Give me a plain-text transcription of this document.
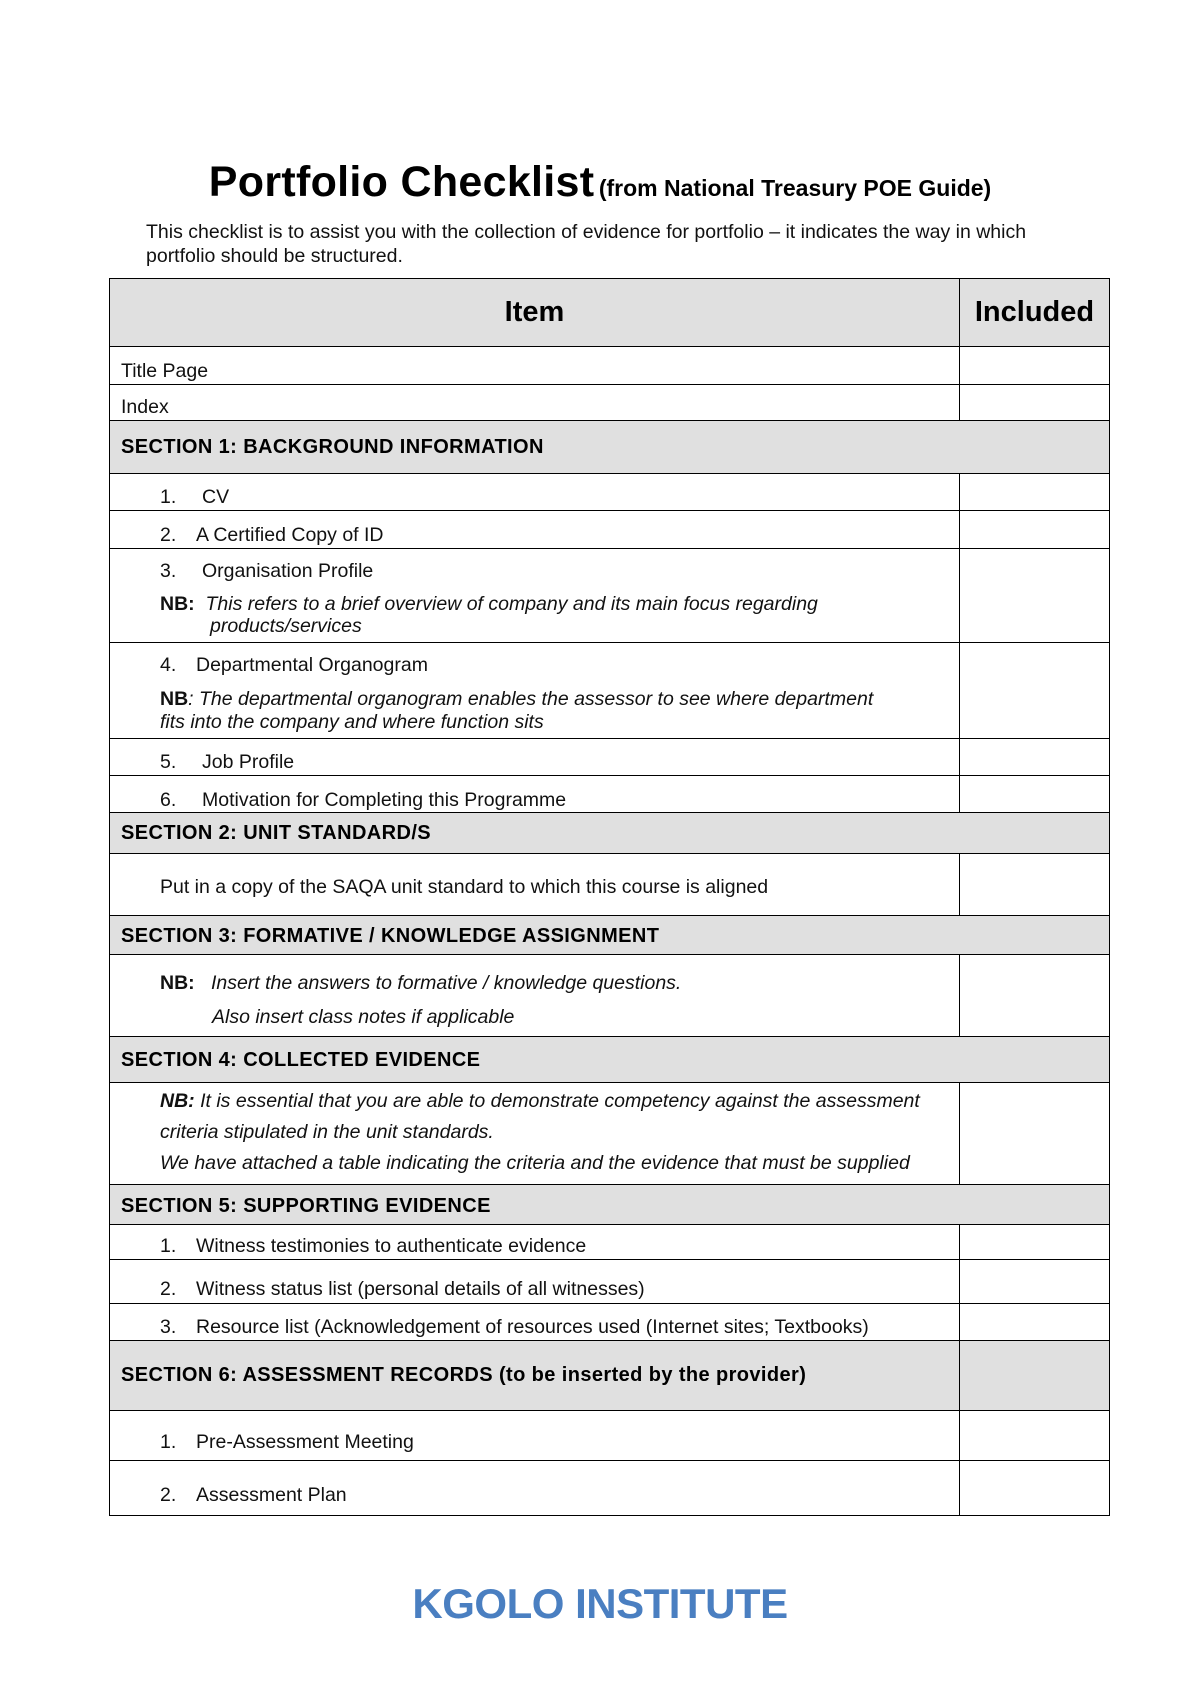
Portfolio Checklist (from National Treasury POE Guide)
This checklist is to assist you with the collection of evidence for portfolio – it indicates the way in which
portfolio should be structured.
Item	Included
Title Page	
Index	
SECTION 1: BACKGROUND INFORMATION	
1. CV	
2. A Certified Copy of ID	

3. Organisation Profile
NB: This refers to a brief overview of company and its main focus regarding
products/services	

4. Departmental Organogram
NB: The departmental organogram enables the assessor to see where department
fits into the company and where function sits	

5. Job Profile	
6. Motivation for Completing this Programme	
SECTION 2: UNIT STANDARD/S	
Put in a copy of the SAQA unit standard to which this course is aligned	
SECTION 3: FORMATIVE / KNOWLEDGE ASSIGNMENT	

NB: Insert the answers to formative / knowledge questions.
Also insert class notes if applicable	

SECTION 4: COLLECTED EVIDENCE	

NB: It is essential that you are able to demonstrate competency against the assessment
criteria stipulated in the unit standards.
We have attached a table indicating the criteria and the evidence that must be supplied	

SECTION 5: SUPPORTING EVIDENCE	
1. Witness testimonies to authenticate evidence	
2. Witness status list (personal details of all witnesses)	
3. Resource list (Acknowledgement of resources used (Internet sites; Textbooks)	
SECTION 6: ASSESSMENT RECORDS (to be inserted by the provider)	
1. Pre-Assessment Meeting	
2. Assessment Plan	
KGOLO INSTITUTE
